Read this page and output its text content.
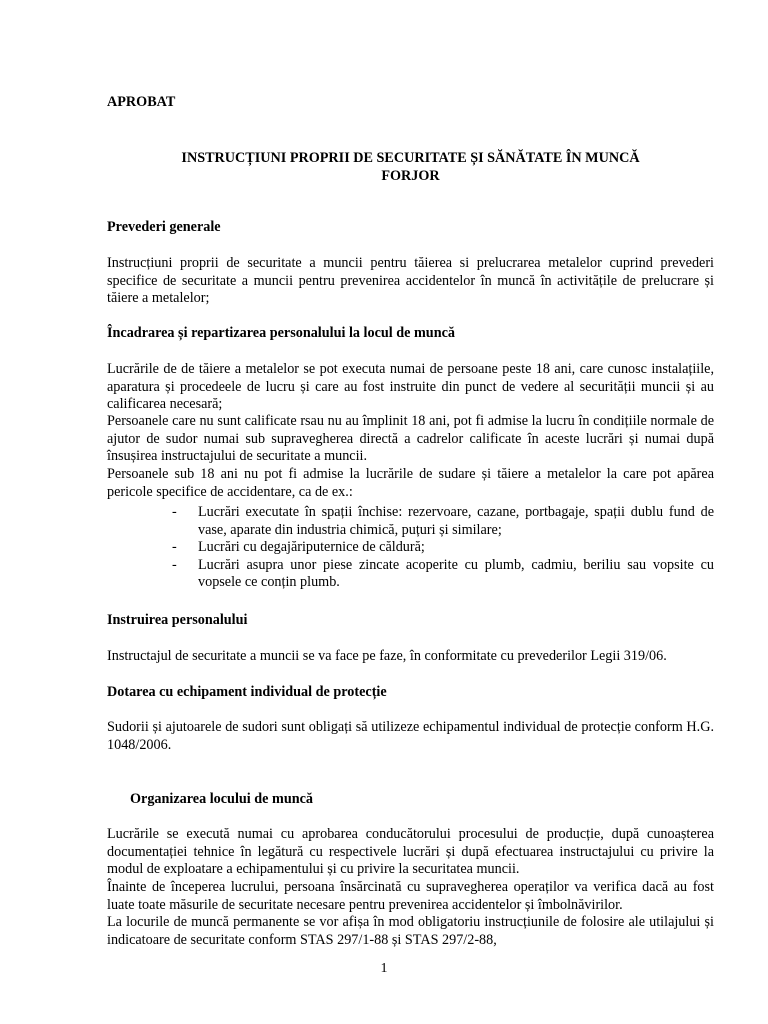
APROBAT
INSTRUCȚIUNI PROPRII DE SECURITATE ȘI SĂNĂTATE ÎN MUNCĂ
FORJOR
Prevederi generale

Instrucțiuni proprii de securitate a muncii pentru tăierea si prelucrarea metalelor cuprind prevederi specifice de securitate a muncii pentru prevenirea accidentelor în muncă în activitățile de prelucrare și tăiere a metalelor;

Încadrarea și repartizarea personalului la locul de muncă

Lucrările de de tăiere a metalelor se pot executa numai de persoane peste 18 ani, care cunosc instalațiile, aparatura și procedeele de lucru și care au fost instruite din punct de vedere al securității muncii și au calificarea necesară;

Persoanele care nu sunt calificate rsau nu au împlinit 18 ani, pot fi admise la lucru în condițiile normale de ajutor de sudor numai sub supravegherea directă a cadrelor calificate în aceste lucrări și numai după însușirea instructajului de securitate a muncii.

Persoanele sub 18 ani nu pot fi admise la lucrările de sudare și tăiere a metalelor la care pot apărea pericole specifice de accidentare, ca de ex.:

- Lucrări executate în spații închise: rezervoare, cazane, portbagaje, spații dublu fund de vase, aparate din industria chimică, puțuri și similare;
- Lucrări cu degajăriputernice de căldură;
- Lucrări asupra unor piese zincate acoperite cu plumb, cadmiu, beriliu sau vopsite cu vopsele ce conțin plumb.
Instruirea personalului

Instructajul de securitate a muncii se va face pe faze, în conformitate cu prevederilor Legii 319/06.

Dotarea cu echipament individual de protecție

Sudorii și ajutoarele de sudori sunt obligați să utilizeze echipamentul individual de protecție conform H.G. 1048/2006.

Organizarea locului de muncă

Lucrările se execută numai cu aprobarea conducătorului procesului de producție, după cunoașterea documentației tehnice în legătură cu respectivele lucrări și după efectuarea instructajului cu privire la modul de exploatare a echipamentului și cu privire la securitatea muncii.

Înainte de începerea lucrului, persoana însărcinată cu supravegherea operaților va verifica dacă au fost luate toate măsurile de securitate necesare pentru prevenirea accidentelor și îmbolnăvirilor.

La locurile de muncă permanente se vor afișa în mod obligatoriu instrucțiunile de folosire ale utilajului și indicatoare de securitate conform STAS 297/1-88 și STAS 297/2-88,

1
